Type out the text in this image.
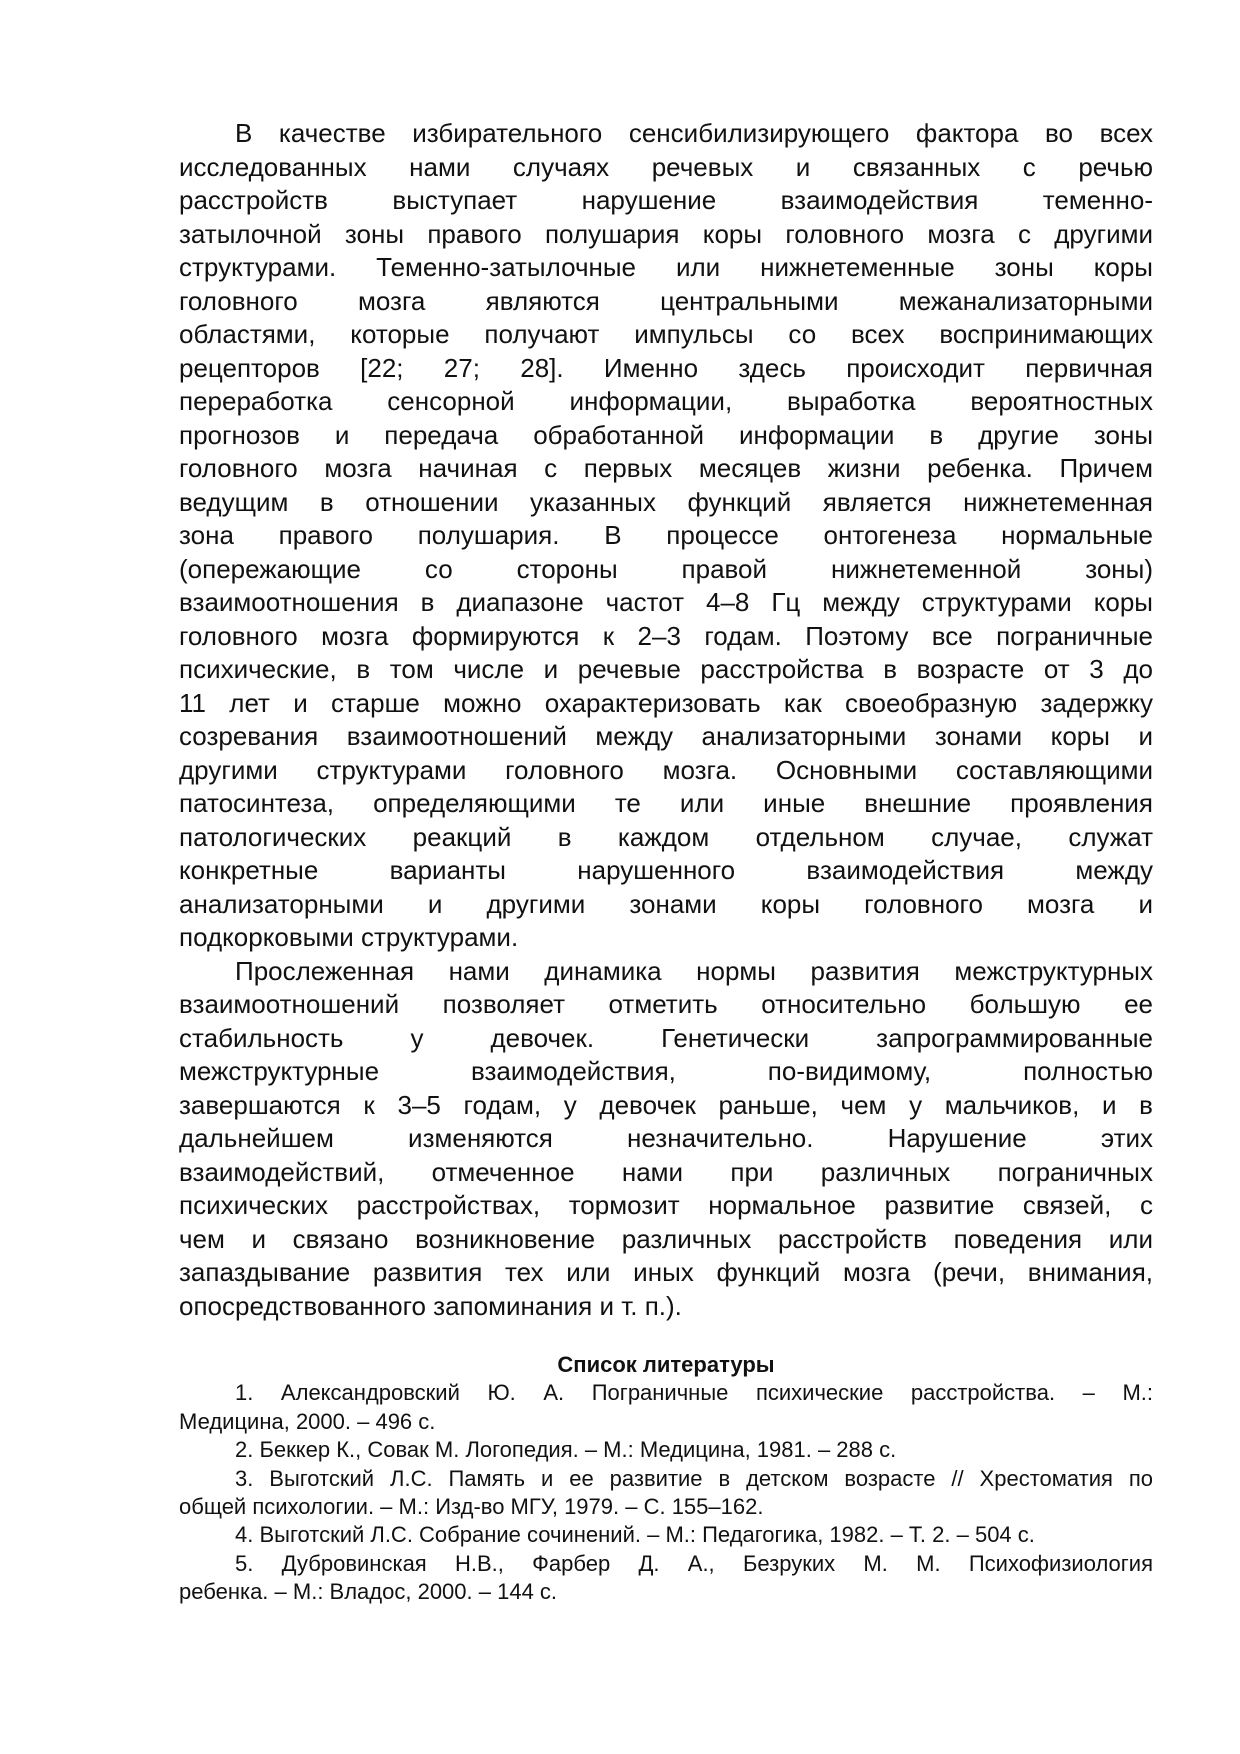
В качестве избирательного сенсибилизирующего фактора во всех
исследованных нами случаях речевых и связанных с речью
расстройств выступает нарушение взаимодействия теменно-
затылочной зоны правого полушария коры головного мозга с другими
структурами. Теменно-затылочные или нижнетеменные зоны коры
головного мозга являются центральными межанализаторными
областями, которые получают импульсы со всех воспринимающих
рецепторов [22; 27; 28]. Именно здесь происходит первичная
переработка сенсорной информации, выработка вероятностных
прогнозов и передача обработанной информации в другие зоны
головного мозга начиная с первых месяцев жизни ребенка. Причем
ведущим в отношении указанных функций является нижнетеменная
зона правого полушария. В процессе онтогенеза нормальные
(опережающие со стороны правой нижнетеменной зоны)
взаимоотношения в диапазоне частот 4–8 Гц между структурами коры
головного мозга формируются к 2–3 годам. Поэтому все пограничные
психические, в том числе и речевые расстройства в возрасте от 3 до
11 лет и старше можно охарактеризовать как своеобразную задержку
созревания взаимоотношений между анализаторными зонами коры и
другими структурами головного мозга. Основными составляющими
патосинтеза, определяющими те или иные внешние проявления
патологических реакций в каждом отдельном случае, служат
конкретные варианты нарушенного взаимодействия между
анализаторными и другими зонами коры головного мозга и
подкорковыми структурами.
Прослеженная нами динамика нормы развития межструктурных
взаимоотношений позволяет отметить относительно большую ее
стабильность у девочек. Генетически запрограммированные
межструктурные взаимодействия, по-видимому, полностью
завершаются к 3–5 годам, у девочек раньше, чем у мальчиков, и в
дальнейшем изменяются незначительно. Нарушение этих
взаимодействий, отмеченное нами при различных пограничных
психических расстройствах, тормозит нормальное развитие связей, с
чем и связано возникновение различных расстройств поведения или
запаздывание развития тех или иных функций мозга (речи, внимания,
опосредствованного запоминания и т. п.).
Список литературы
1. Александровский Ю. А. Пограничные психические расстройства. – М.:
Медицина, 2000. – 496 с.
2. Беккер К., Совак М. Логопедия. – М.: Медицина, 1981. – 288 с.
3. Выготский Л.С. Память и ее развитие в детском возрасте // Хрестоматия по
общей психологии. – М.: Изд-во МГУ, 1979. – С. 155–162.
4. Выготский Л.С. Собрание сочинений. – М.: Педагогика, 1982. – Т. 2. – 504 с.
5. Дубровинская Н.В., Фарбер Д. А., Безруких М. М. Психофизиология
ребенка. – М.: Владос, 2000. – 144 с.
